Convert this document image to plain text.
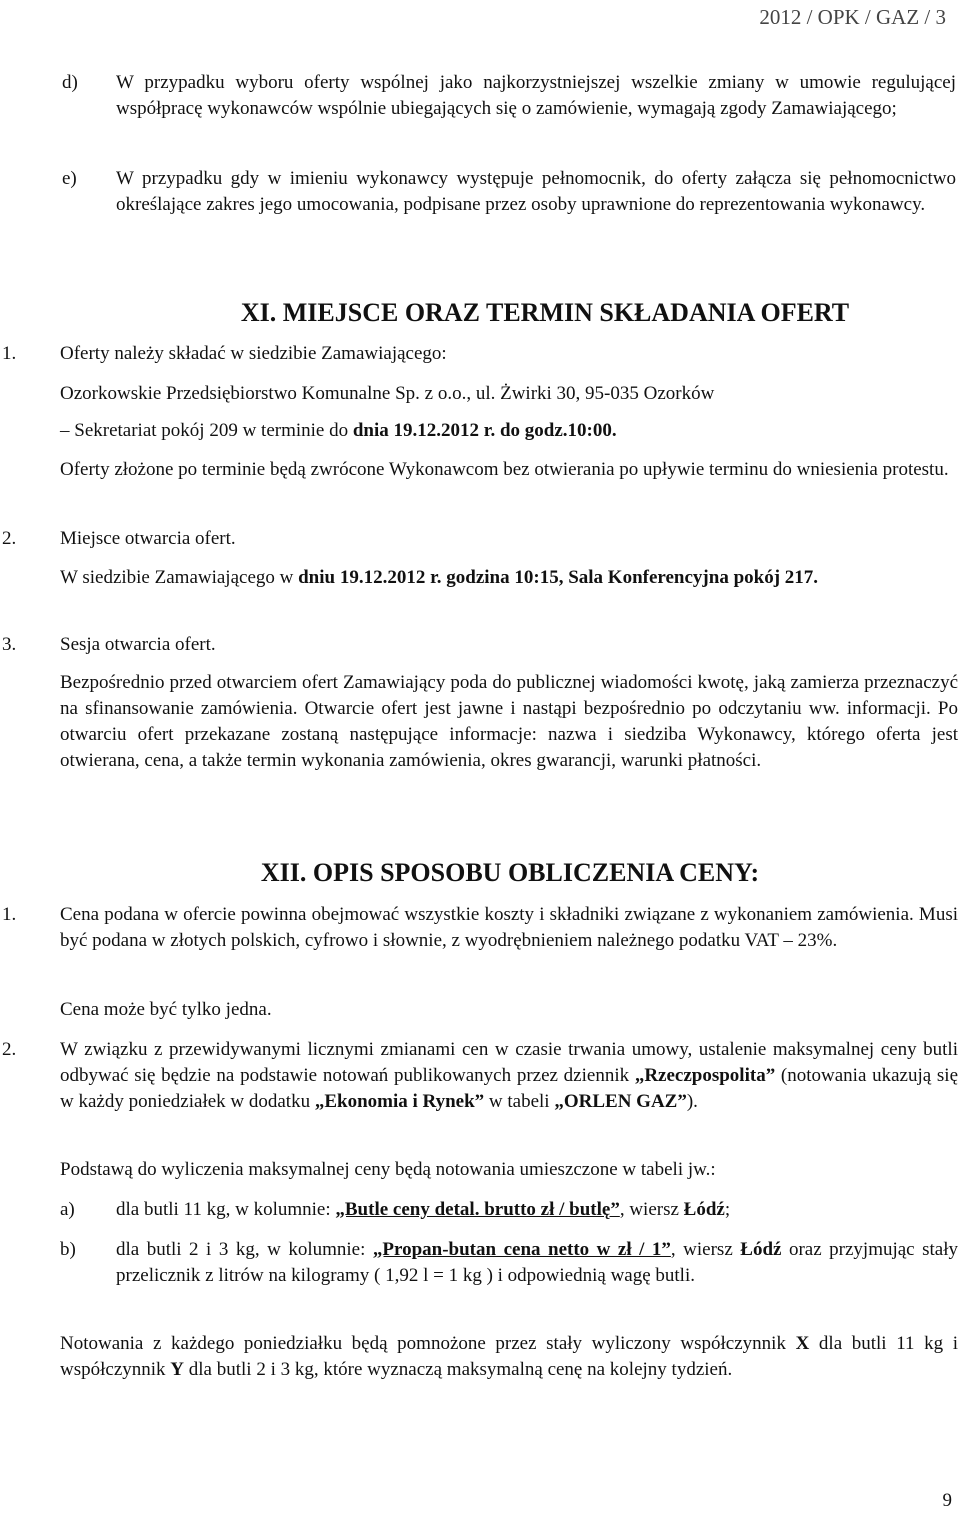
2012 / OPK / GAZ / 3
d) W przypadku wyboru oferty wspólnej jako najkorzystniejszej wszelkie zmiany w umowie regulującej współpracę wykonawców wspólnie ubiegających się o zamówienie, wymagają zgody Zamawiającego;
e) W przypadku gdy w imieniu wykonawcy występuje pełnomocnik, do oferty załącza się pełnomocnictwo określające zakres jego umocowania, podpisane przez osoby uprawnione do reprezentowania wykonawcy.
XI. MIEJSCE ORAZ TERMIN SKŁADANIA OFERT
1.	Oferty należy składać w siedzibie Zamawiającego:
Ozorkowskie Przedsiębiorstwo Komunalne Sp. z o.o., ul. Żwirki 30, 95-035 Ozorków
– Sekretariat pokój 209 w terminie do dnia 19.12.2012 r. do godz.10:00.
Oferty złożone po terminie będą zwrócone Wykonawcom bez otwierania po upływie terminu do wniesienia protestu.
2.	Miejsce otwarcia ofert.
W siedzibie Zamawiającego w dniu 19.12.2012 r. godzina 10:15, Sala Konferencyjna pokój 217.
3.	Sesja otwarcia ofert.
Bezpośrednio przed otwarciem ofert Zamawiający poda do publicznej wiadomości kwotę, jaką zamierza przeznaczyć na sfinansowanie zamówienia. Otwarcie ofert jest jawne i nastąpi bezpośrednio po odczytaniu ww. informacji. Po otwarciu ofert przekazane zostaną następujące informacje: nazwa i siedziba Wykonawcy, którego oferta jest otwierana, cena, a także termin wykonania zamówienia, okres gwarancji, warunki płatności.
XII. OPIS SPOSOBU OBLICZENIA CENY:
1.	Cena podana w ofercie powinna obejmować wszystkie koszty i składniki związane z wykonaniem zamówienia. Musi być podana w złotych polskich, cyfrowo i słownie, z wyodrębnieniem należnego podatku VAT – 23%.
Cena może być tylko jedna.
2.	W związku z przewidywanymi licznymi zmianami cen w czasie trwania umowy, ustalenie maksymalnej ceny butli odbywać się będzie na podstawie notowań publikowanych przez dziennik „Rzeczpospolita” (notowania ukazują się w każdy poniedziałek w dodatku „Ekonomia i Rynek” w tabeli „ORLEN GAZ”).
Podstawą do wyliczenia maksymalnej ceny będą notowania umieszczone w tabeli jw.:
a) dla butli 11 kg, w kolumnie: „Butle ceny detal. brutto zł / butlę”, wiersz Łódź;
b) dla butli 2 i 3 kg, w kolumnie: „Propan-butan cena netto w zł / 1”, wiersz Łódź oraz przyjmując stały przelicznik z litrów na kilogramy ( 1,92 l = 1 kg ) i odpowiednią wagę butli.
Notowania z każdego poniedziałku będą pomnożone przez stały wyliczony współczynnik X dla butli 11 kg i współczynnik Y dla butli 2 i 3 kg, które wyznaczą maksymalną cenę na kolejny tydzień.
9
